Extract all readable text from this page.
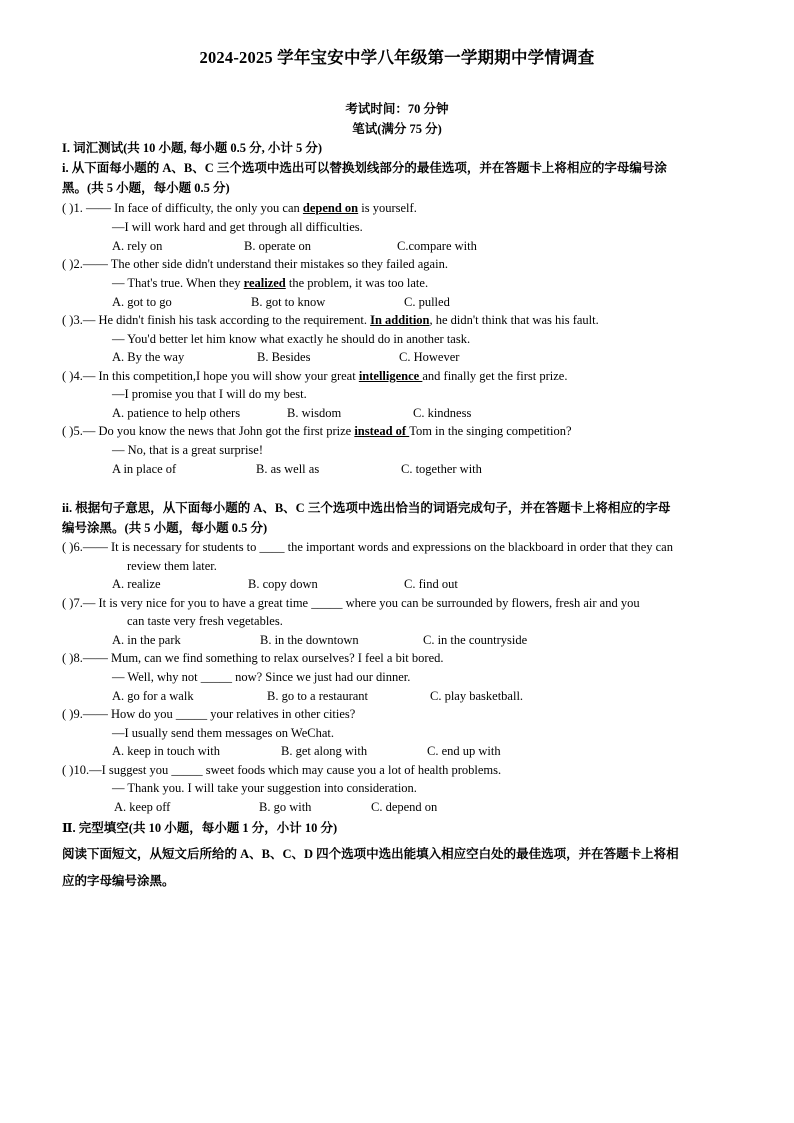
2024-2025 学年宝安中学八年级第一学期期中学情调查
考试时间：70 分钟
笔试(满分 75 分)
I. 词汇测试(共 10 小题, 每小题 0.5 分, 小计 5 分)
i. 从下面每小题的 A、B、C 三个选项中选出可以替换划线部分的最佳选项，并在答题卡上将相应的字母编号涂
黑。(共 5 小题，每小题 0.5 分)
( )1. —— In face of difficulty, the only you can depend on is yourself.
—I will work hard and get through all difficulties.
A. rely on	B. operate on	C.compare with
( )2.—— The other side didn't understand their mistakes so they failed again.
— That's true. When they realized the problem, it was too late.
A. got to go	B. got to know	C. pulled
( )3.— He didn't finish his task according to the requirement. In addition, he didn't think that was his fault.
— You'd better let him know what exactly he should do in another task.
A. By the way	B. Besides	C. However
( )4.— In this competition,I hope you will show your great intelligence and finally get the first prize.
—I promise you that I will do my best.
A. patience to help others	B. wisdom	C. kindness
( )5.— Do you know the news that John got the first prize instead of Tom in the singing competition?
— No, that is a great surprise!
A in place of	B. as well as	C. together with
ii. 根据句子意思，从下面每小题的 A、B、C 三个选项中选出恰当的词语完成句子，并在答题卡上将相应的字母
编号涂黑。(共 5 小题，每小题 0.5 分)
( )6.—— It is necessary for students to ____ the important words and expressions on the blackboard in order that they can
review them later.
A. realize	B. copy down	C. find out
( )7.— It is very nice for you to have a great time _____ where you can be surrounded by flowers, fresh air and you
can taste very fresh vegetables.
A. in the park	B. in the downtown	C. in the countryside
( )8.—— Mum, can we find something to relax ourselves? I feel a bit bored.
— Well, why not _____ now? Since we just had our dinner.
A. go for a walk	B. go to a restaurant	C. play basketball.
( )9.—— How do you _____ your relatives in other cities?
—I usually send them messages on WeChat.
A. keep in touch with	B. get along with	C. end up with
( )10.—I suggest you _____ sweet foods which may cause you a lot of health problems.
— Thank you. I will take your suggestion into consideration.
A. keep off	B. go with	C. depend on
Ⅱ. 完型填空(共 10 小题，每小题 1 分，小计 10 分)
阅读下面短文，从短文后所给的 A、B、C、D 四个选项中选出能填入相应空白处的最佳选项，并在答题卡上将相
应的字母编号涂黑。
